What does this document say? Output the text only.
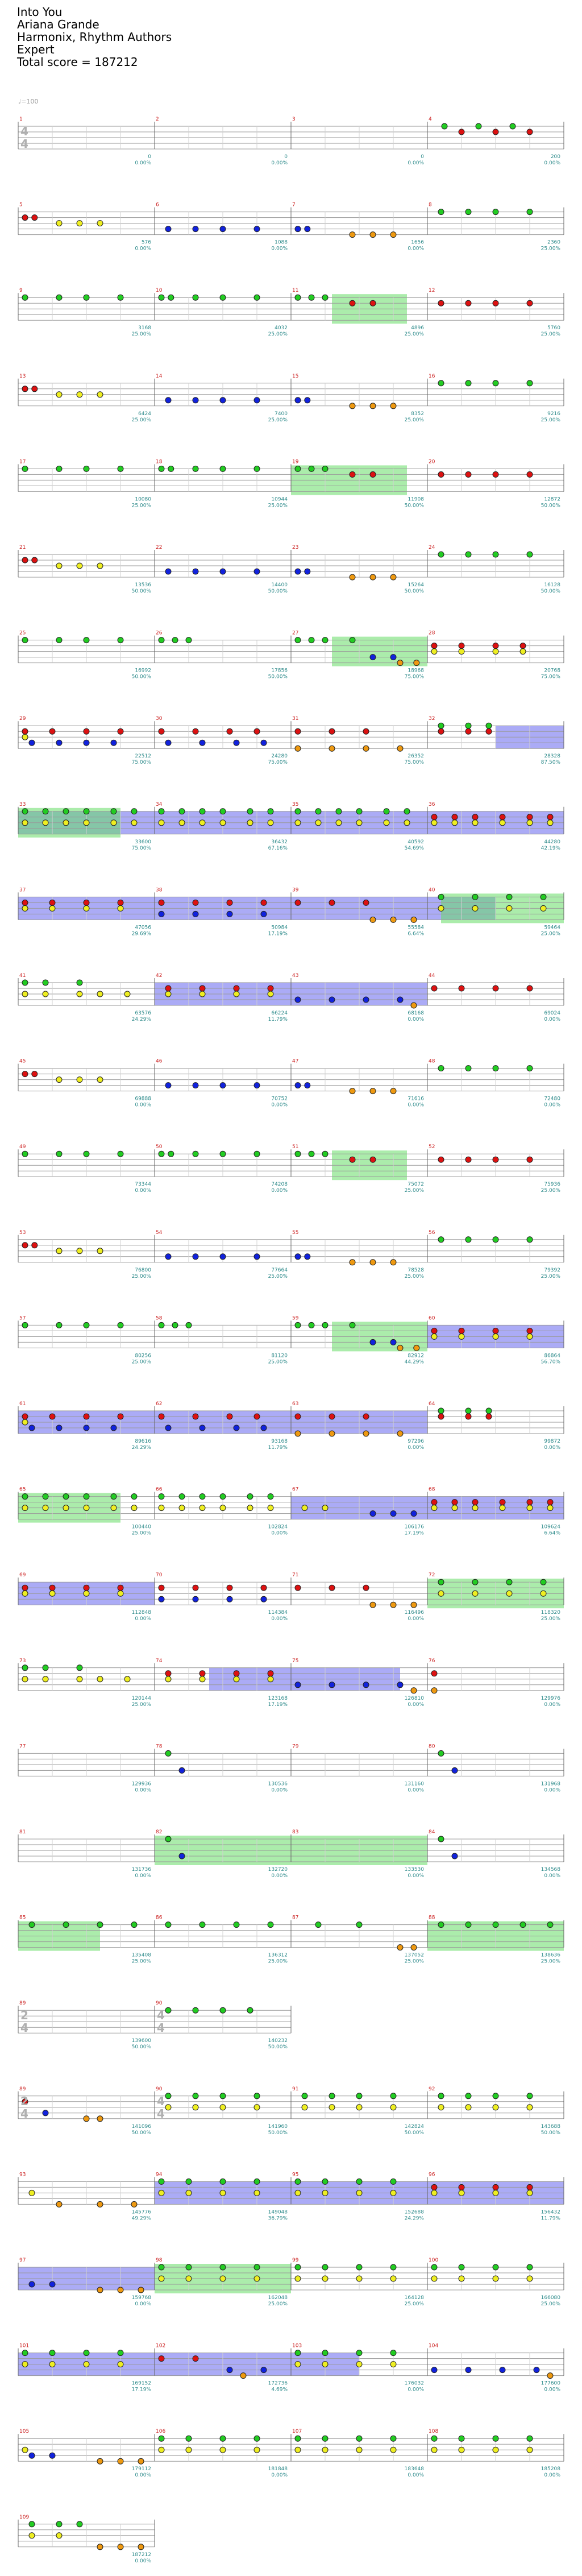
Into You
Ariana Grande
Harmonix, Rhythm Authors
Expert
Total score = 187212
♩=100
1
0
0.00%
2
0
0.00%
3
0
0.00%
4
200
0.00%
4
4
5
576
0.00%
6
1088
0.00%
7
1656
0.00%
8
2360
25.00%
9
3168
25.00%
10
4032
25.00%
11
4896
25.00%
12
5760
25.00%
13
6424
25.00%
14
7400
25.00%
15
8352
25.00%
16
9216
25.00%
17
10080
25.00%
18
10944
25.00%
19
11908
50.00%
20
12872
50.00%
21
13536
50.00%
22
14400
50.00%
23
15264
50.00%
24
16128
50.00%
25
16992
50.00%
26
17856
50.00%
27
18968
75.00%
28
20768
75.00%
29
22512
75.00%
30
24280
75.00%
31
26352
75.00%
32
28328
87.50%
33
33600
75.00%
34
36432
67.16%
35
40592
54.69%
36
44280
42.19%
37
47056
29.69%
38
50984
17.19%
39
55584
6.64%
40
59464
25.00%
41
63576
24.29%
42
66224
11.79%
43
68168
0.00%
44
69024
0.00%
45
69888
0.00%
46
70752
0.00%
47
71616
0.00%
48
72480
0.00%
49
73344
0.00%
50
74208
0.00%
51
75072
25.00%
52
75936
25.00%
53
76800
25.00%
54
77664
25.00%
55
78528
25.00%
56
79392
25.00%
57
80256
25.00%
58
81120
25.00%
59
82912
44.29%
60
86864
56.70%
61
89616
24.29%
62
93168
11.79%
63
97296
0.00%
64
99872
0.00%
65
100440
25.00%
66
102824
0.00%
67
106176
17.19%
68
109624
6.64%
69
112848
0.00%
70
114384
0.00%
71
116496
0.00%
72
118320
25.00%
73
120144
25.00%
74
123168
17.19%
75
126810
0.00%
76
129976
0.00%
77
129936
0.00%
78
130536
0.00%
79
131160
0.00%
80
131968
0.00%
81
131736
0.00%
82
132720
0.00%
83
133530
0.00%
84
134568
0.00%
85
135408
25.00%
86
136312
25.00%
87
137052
25.00%
88
138636
25.00%
89
139600
50.00%
90
140232
50.00%
2
4
4
4
89
141096
50.00%
90
141960
50.00%
91
142824
50.00%
92
143688
50.00%
2
4
4
4
93
145776
49.29%
94
149048
36.79%
95
152688
24.29%
96
156432
11.79%
97
159768
0.00%
98
162048
25.00%
99
164128
25.00%
100
166080
25.00%
101
169152
17.19%
102
172736
4.69%
103
176032
0.00%
104
177600
0.00%
105
179112
0.00%
106
181848
0.00%
107
183648
0.00%
108
185208
0.00%
109
187212
0.00%
